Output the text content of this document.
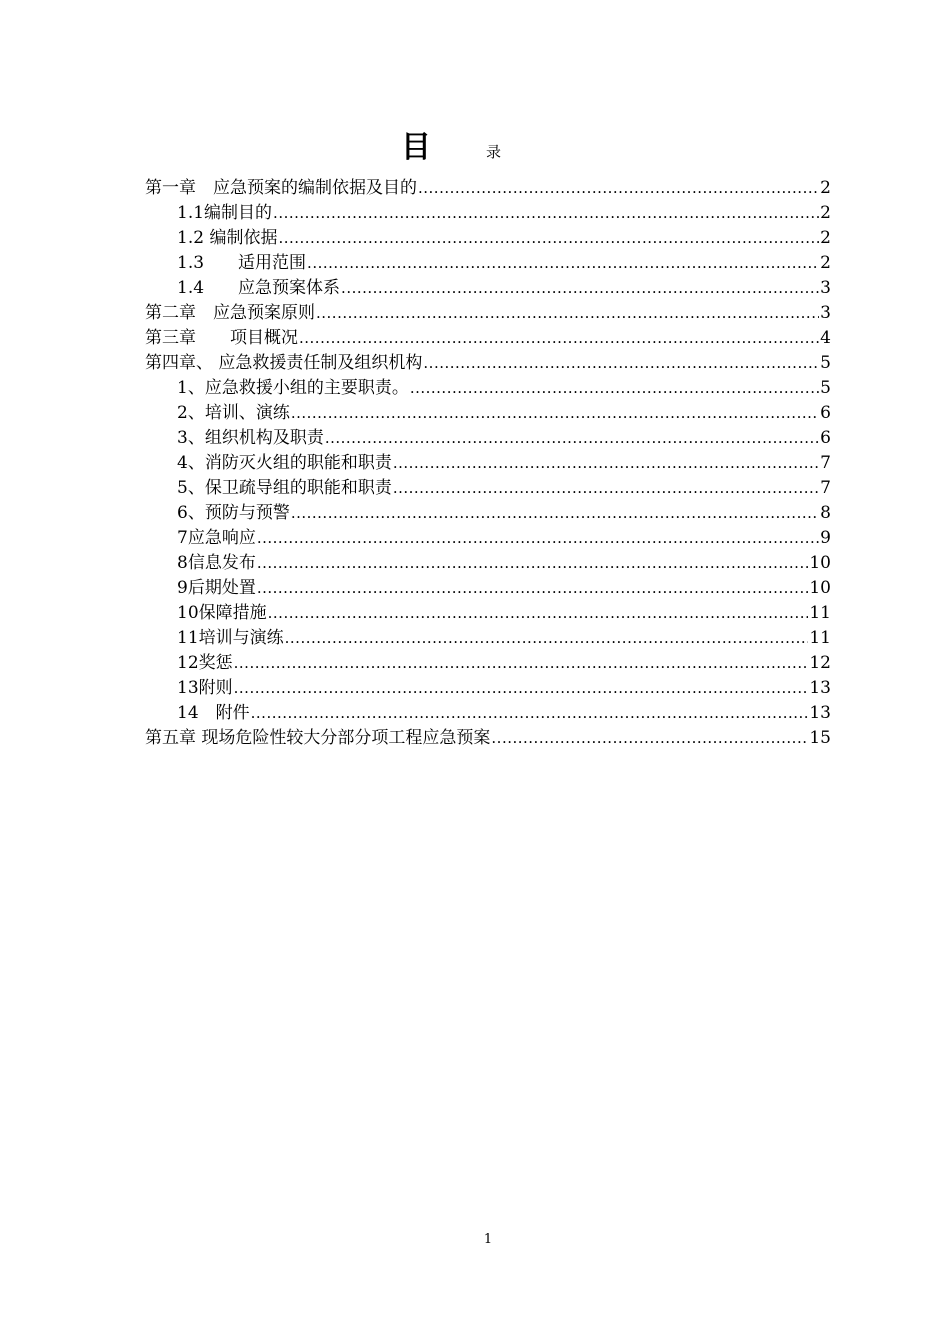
目	录
第一章　应急预案的编制依据及目的 .....	2
1.1编制目的 .....	2
1.2 编制依据 .....	2
1.3　　适用范围 .....	2
1.4　　应急预案体系 .....	3
第二章　应急预案原则 .....	3
第三章　　项目概况 .....	4
第四章、 应急救援责任制及组织机构 .....	5
1、应急救援小组的主要职责。 .....	5
2、培训、演练 .....	6
3、组织机构及职责 .....	6
4、消防灭火组的职能和职责 .....	7
5、保卫疏导组的职能和职责 .....	7
6、预防与预警 .....	8
7应急响应 .....	9
8信息发布 .....	10
9后期处置 .....	10
10保障措施 .....	11
11培训与演练 .....	11
12奖惩 .....	12
13附则 .....	13
14　附件 .....	13
第五章 现场危险性较大分部分项工程应急预案 .....	15
1
